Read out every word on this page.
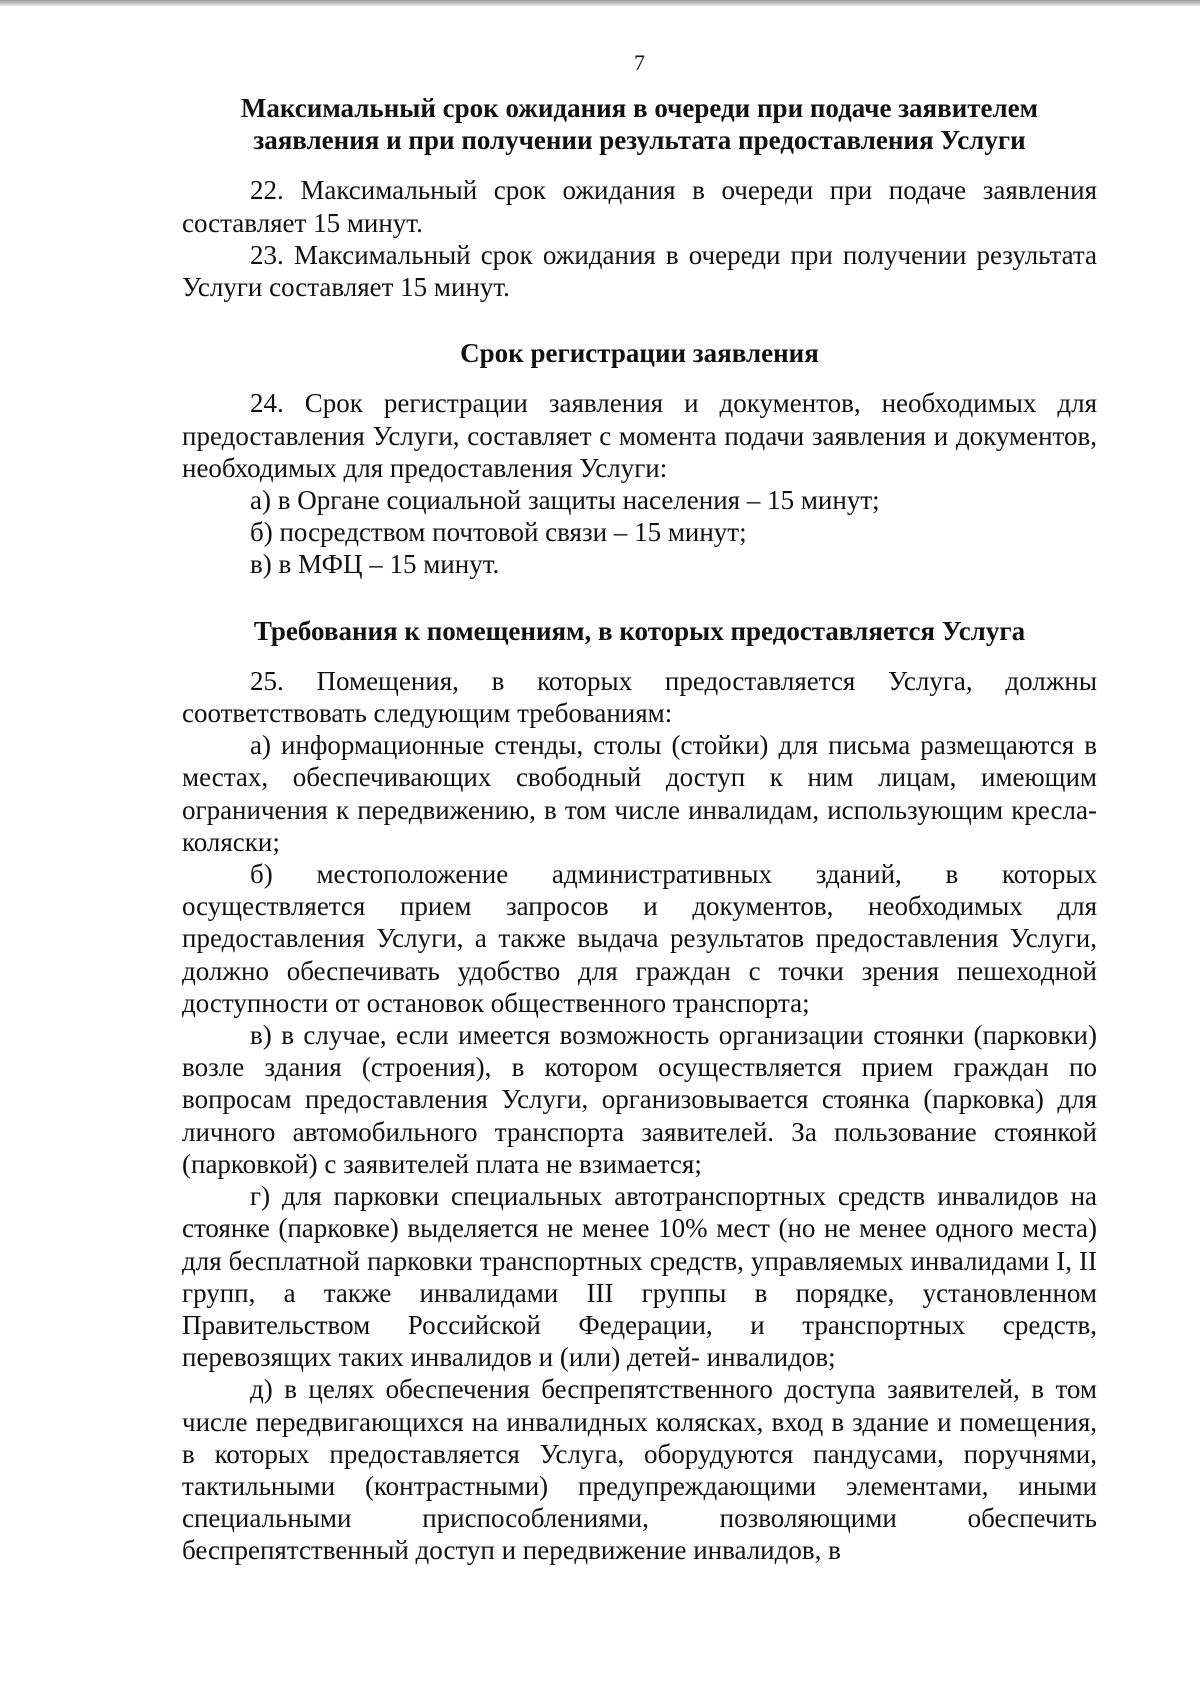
7
Максимальный срок ожидания в очереди при подаче заявителем
заявления и при получении результата предоставления Услуги

22. Максимальный срок ожидания в очереди при подаче заявления составляет 15 минут.

23. Максимальный срок ожидания в очереди при получении результата Услуги составляет 15 минут.

Срок регистрации заявления

24. Срок регистрации заявления и документов, необходимых для предоставления Услуги, составляет с момента подачи заявления и документов, необходимых для предоставления Услуги:

а) в Органе социальной защиты населения – 15 минут;

б) посредством почтовой связи – 15 минут;

в) в МФЦ – 15 минут.

Требования к помещениям, в которых предоставляется Услуга

25. Помещения, в которых предоставляется Услуга, должны соответствовать следующим требованиям:

а) информационные стенды, столы (стойки) для письма размещаются в местах, обеспечивающих свободный доступ к ним лицам, имеющим ограничения к передвижению, в том числе инвалидам, использующим кресла-коляски;

б) местоположение административных зданий, в которых осуществляется прием запросов и документов, необходимых для предоставления Услуги, а также выдача результатов предоставления Услуги, должно обеспечивать удобство для граждан с точки зрения пешеходной доступности от остановок общественного транспорта;

в) в случае, если имеется возможность организации стоянки (парковки) возле здания (строения), в котором осуществляется прием граждан по вопросам предоставления Услуги, организовывается стоянка (парковка) для личного автомобильного транспорта заявителей. За пользование стоянкой (парковкой) с заявителей плата не взимается;

г) для парковки специальных автотранспортных средств инвалидов на стоянке (парковке) выделяется не менее 10% мест (но не менее одного места) для бесплатной парковки транспортных средств, управляемых инвалидами I, II групп, а также инвалидами III группы в порядке, установленном Правительством Российской Федерации, и транспортных средств, перевозящих таких инвалидов и (или) детей- инвалидов;

д) в целях обеспечения беспрепятственного доступа заявителей, в том числе передвигающихся на инвалидных колясках, вход в здание и помещения, в которых предоставляется Услуга, оборудуются пандусами, поручнями, тактильными (контрастными) предупреждающими элементами, иными специальными приспособлениями, позволяющими обеспечить беспрепятственный доступ и передвижение инвалидов, в
